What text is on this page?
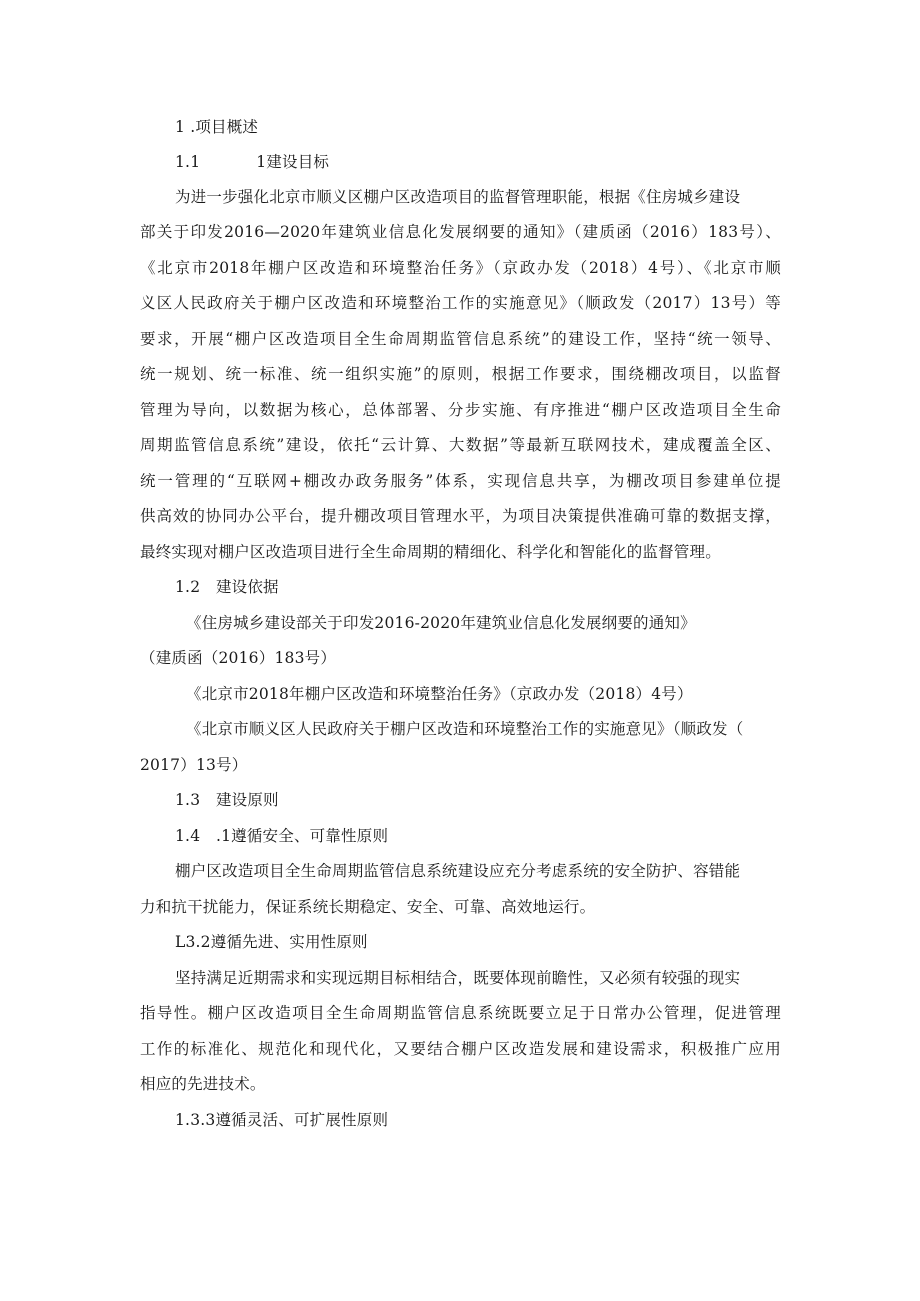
1 .项目概述
1.1	1建设目标
为进一步强化北京市顺义区棚户区改造项目的监督管理职能，根据《住房城乡建设
部关于印发2016—2020年建筑业信息化发展纲要的通知》（建质函（2016）183号）、
《北京市2018年棚户区改造和环境整治任务》（京政办发（2018）4号）、《北京市顺
义区人民政府关于棚户区改造和环境整治工作的实施意见》（顺政发（2017）13号）等
要求，开展“棚户区改造项目全生命周期监管信息系统”的建设工作，坚持“统一领导、
统一规划、统一标准、统一组织实施”的原则，根据工作要求，围绕棚改项目，以监督
管理为导向，以数据为核心，总体部署、分步实施、有序推进“棚户区改造项目全生命
周期监管信息系统”建设，依托“云计算、大数据”等最新互联网技术，建成覆盖全区、
统一管理的“互联网+棚改办政务服务”体系，实现信息共享，为棚改项目参建单位提
供高效的协同办公平台，提升棚改项目管理水平，为项目决策提供准确可靠的数据支撑，
最终实现对棚户区改造项目进行全生命周期的精细化、科学化和智能化的监督管理。
1.2　建设依据
《住房城乡建设部关于印发2016-2020年建筑业信息化发展纲要的通知》
（建质函（2016）183号）
《北京市2018年棚户区改造和环境整治任务》（京政办发（2018）4号）
《北京市顺义区人民政府关于棚户区改造和环境整治工作的实施意见》（顺政发（
2017）13号）
1.3　建设原则
1.4　.1遵循安全、可靠性原则
棚户区改造项目全生命周期监管信息系统建设应充分考虑系统的安全防护、容错能
力和抗干扰能力，保证系统长期稳定、安全、可靠、高效地运行。
L3.2遵循先进、实用性原则
坚持满足近期需求和实现远期目标相结合，既要体现前瞻性，又必须有较强的现实
指导性。棚户区改造项目全生命周期监管信息系统既要立足于日常办公管理，促进管理
工作的标准化、规范化和现代化，又要结合棚户区改造发展和建设需求，积极推广应用
相应的先进技术。
1.3.3遵循灵活、可扩展性原则
